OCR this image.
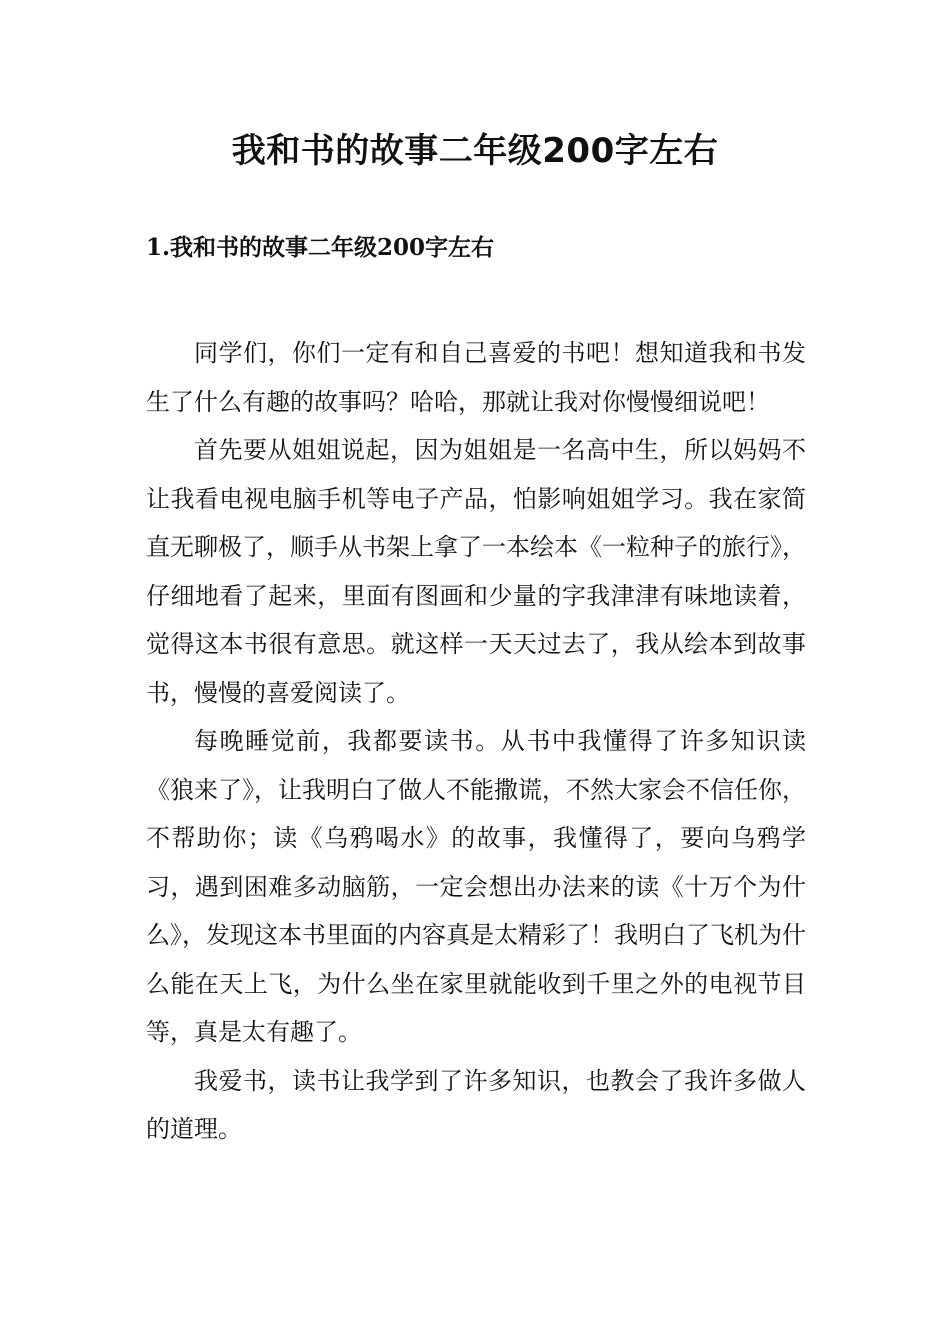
我和书的故事二年级200字左右
1.我和书的故事二年级200字左右

同学们，你们一定有和自己喜爱的书吧！想知道我和书发生了什么有趣的故事吗？哈哈，那就让我对你慢慢细说吧！

首先要从姐姐说起，因为姐姐是一名高中生，所以妈妈不让我看电视电脑手机等电子产品，怕影响姐姐学习。我在家简直无聊极了，顺手从书架上拿了一本绘本《一粒种子的旅行》，仔细地看了起来，里面有图画和少量的字我津津有味地读着，觉得这本书很有意思。就这样一天天过去了，我从绘本到故事书，慢慢的喜爱阅读了。

每晚睡觉前，我都要读书。从书中我懂得了许多知识读《狼来了》，让我明白了做人不能撒谎，不然大家会不信任你，不帮助你；读《乌鸦喝水》的故事，我懂得了，要向乌鸦学习，遇到困难多动脑筋，一定会想出办法来的读《十万个为什么》，发现这本书里面的内容真是太精彩了！我明白了飞机为什么能在天上飞，为什么坐在家里就能收到千里之外的电视节目等，真是太有趣了。

我爱书，读书让我学到了许多知识，也教会了我许多做人的道理。
